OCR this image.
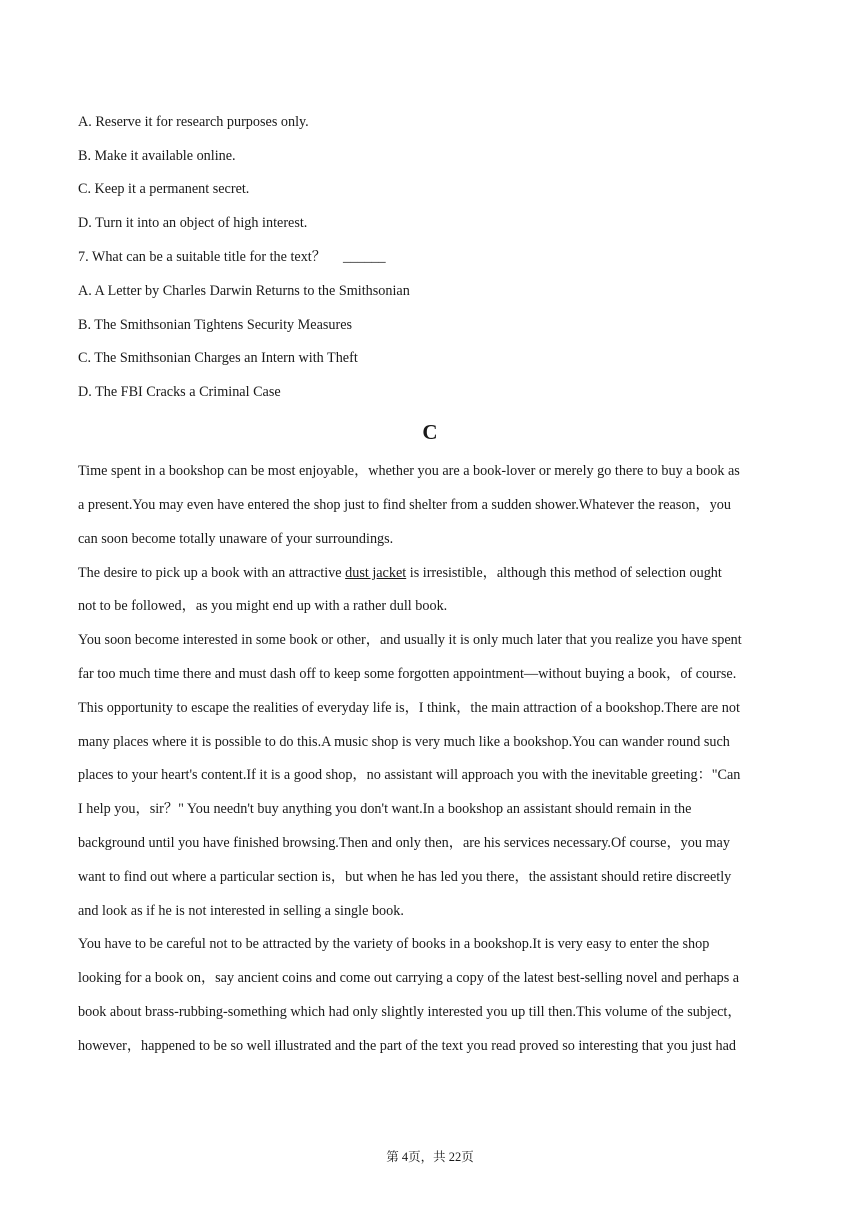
A. Reserve it for research purposes only.
B. Make it available online.
C. Keep it a permanent secret.
D. Turn it into an object of high interest.
7. What can be a suitable title for the text？ ______
A. A Letter by Charles Darwin Returns to the Smithsonian
B. The Smithsonian Tightens Security Measures
C. The Smithsonian Charges an Intern with Theft
D. The FBI Cracks a Criminal Case
C
Time spent in a bookshop can be most enjoyable，whether you are a book-lover or merely go there to buy a book as
a present.You may even have entered the shop just to find shelter from a sudden shower.Whatever the reason，you
can soon become totally unaware of your surroundings.
The desire to pick up a book with an attractive dust jacket is irresistible，although this method of selection ought
not to be followed，as you might end up with a rather dull book.
You soon become interested in some book or other，and usually it is only much later that you realize you have spent
far too much time there and must dash off to keep some forgotten appointment—without buying a book，of course.
This opportunity to escape the realities of everyday life is，I think，the main attraction of a bookshop.There are not
many places where it is possible to do this.A music shop is very much like a bookshop.You can wander round such
places to your heart's content.If it is a good shop，no assistant will approach you with the inevitable greeting："Can
I help you，sir？" You needn't buy anything you don't want.In a bookshop an assistant should remain in the
background until you have finished browsing.Then and only then，are his services necessary.Of course，you may
want to find out where a particular section is，but when he has led you there，the assistant should retire discreetly
and look as if he is not interested in selling a single book.
You have to be careful not to be attracted by the variety of books in a bookshop.It is very easy to enter the shop
looking for a book on，say ancient coins and come out carrying a copy of the latest best-selling novel and perhaps a
book about brass-rubbing-something which had only slightly interested you up till then.This volume of the subject，
however，happened to be so well illustrated and the part of the text you read proved so interesting that you just had
第 4页，共 22页
